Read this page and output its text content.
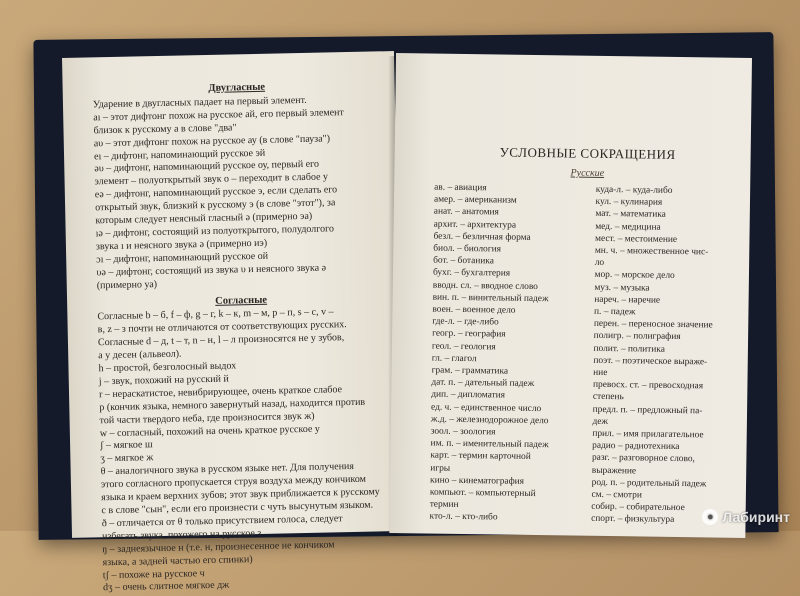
Двугласные
Ударение в двугласных падает на первый элемент.
aı – этот дифтонг похож на русское ай, его первый элемент
близок к русскому а в слове "два"
aυ – этот дифтонг похож на русское ау (в слове "пауза")
eı – дифтонг, напоминающий русское эй
əυ – дифтонг, напоминающий русское оу, первый его
элемент – полуоткрытый звук о – переходит в слабое у
eə – дифтонг, напоминающий русское э, если сделать его
открытый звук, близкий к русскому э (в слове "этот"), за
которым следует неясный гласный ə (примерно эа)
ıə – дифтонг, состоящий из полуоткрытого, полудолгого
звука ı и неясного звука ə (примерно иэ)
ɔı – дифтонг, напоминающий русское ой
υə – дифтонг, состоящий из звука υ и неясного звука ə
(примерно уа)
Согласные
Согласные b – б, f – ф, g – г, k – к, m – м, p – п, s – с, v –
в, z – з почти не отличаются от соответствующих русских.
Согласные d – д, t – т, n – н, l – л произносятся не у зубов,
а у десен (альвеол).
h – простой, безголосный выдох
j – звук, похожий на русский й
r – нераскатистое, невибрирующее, очень краткое слабое
р (кончик языка, немного завернутый назад, находится против
той части твердого неба, где произносится звук ж)
w – согласный, похожий на очень краткое русское у
ʃ – мягкое ш
ʒ – мягкое ж
θ – аналогичного звука в русском языке нет. Для получения
этого согласного пропускается струя воздуха между кончиком
языка и краем верхних зубов; этот звук приближается к русскому
с в слове "сын", если его произнести с чуть высунутым языком.
ð – отличается от θ только присутствием голоса, следует
избегать звука, похожего на русское з
ŋ – заднеязычное н (т.е. н, произнесенное не кончиком
языка, а задней частью его спинки)
tʃ – похоже на русское ч
dʒ – очень слитное мягкое дж
УСЛОВНЫЕ СОКРАЩЕНИЯ
Русские
ав. – авиация
амер. – американизм
анат. – анатомия
архит. – архитектура
безл. – безличная форма
биол. – биология
бот. – ботаника
бухг. – бухгалтерия
вводн. сл. – вводное слово
вин. п. – винительный падеж
воен. – военное дело
где-л. – где-либо
геогр. – география
геол. – геология
гл. – глагол
грам. – грамматика
дат. п. – дательный падеж
дип. – дипломатия
ед. ч. – единственное число
ж.д. – железнодорожное дело
зоол. – зоология
им. п. – именительный падеж
карт. – термин карточной
игры
кино – кинематография
компьют. – компьютерный
термин
кто-л. – кто-либо
куда-л. – куда-либо
кул. – кулинария
мат. – математика
мед. – медицина
мест. – местоимение
мн. ч. – множественное чис-
ло
мор. – морское дело
муз. – музыка
нареч. – наречие
п. – падеж
перен. – переносное значение
полигр. – полиграфия
полит. – политика
поэт. – поэтическое выраже-
ние
превосх. ст. – превосходная
степень
предл. п. – предложный па-
деж
прил. – имя прилагательное
радио – радиотехника
разг. – разговорное слово,
выражение
род. п. – родительный падеж
см. – смотри
собир. – собирательное
спорт. – физкультура	● Лабиринт
